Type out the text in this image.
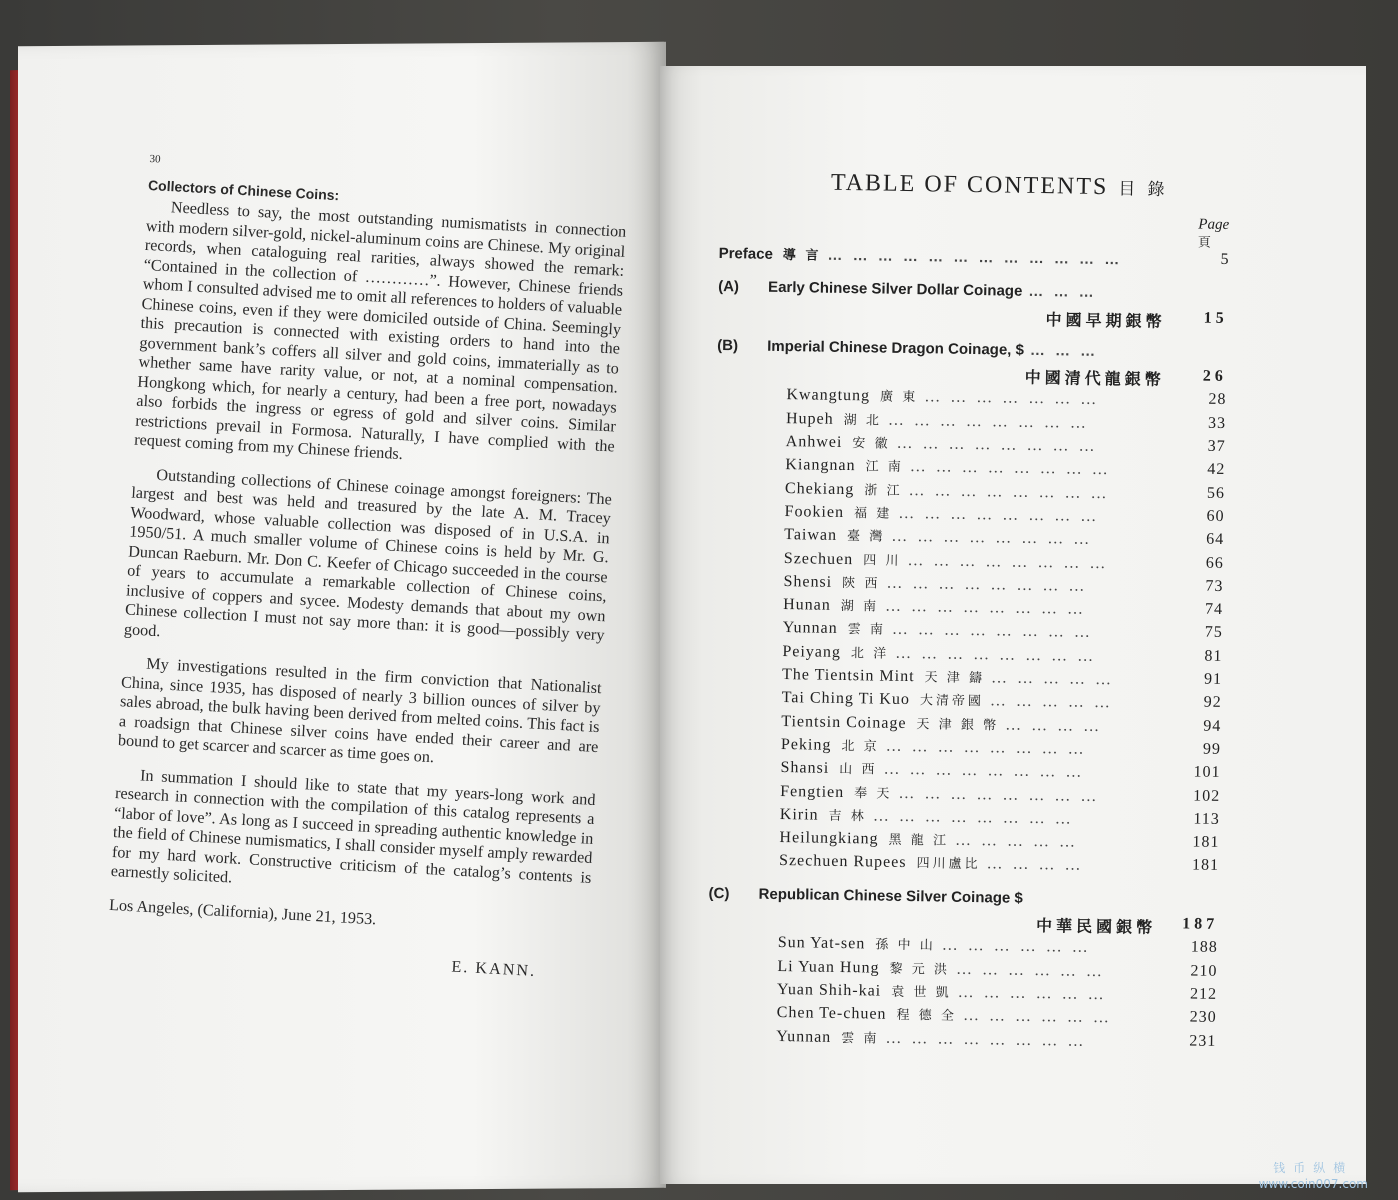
30
Collectors of Chinese Coins:

Needless to say, the most outstanding numismatists in connection with modern silver-gold, nickel-aluminum coins are Chinese. My original records, when cataloguing real rarities, always showed the remark: “Contained in the collection of …………”. However, Chinese friends whom I consulted advised me to omit all references to holders of valuable Chinese coins, even if they were domiciled outside of China. Seemingly this precaution is connected with existing orders to hand into the government bank’s coffers all silver and gold coins, immaterially as to whether same have rarity value, or not, at a nominal compensation. Hongkong which, for nearly a century, had been a free port, nowadays also forbids the ingress or egress of gold and silver coins. Similar restrictions prevail in Formosa. Naturally, I have complied with the request coming from my Chinese friends.

Outstanding collections of Chinese coinage amongst foreigners: The largest and best was held and treasured by the late A. M. Tracey Woodward, whose valuable collection was disposed of in U.S.A. in 1950/51. A much smaller volume of Chinese coins is held by Mr. G. Duncan Raeburn. Mr. Don C. Keefer of Chicago succeeded in the course of years to accumulate a remarkable collection of Chinese coins, inclusive of coppers and sycee. Modesty demands that about my own Chinese collection I must not say more than: it is good—possibly very good.

My investigations resulted in the firm conviction that Nationalist China, since 1935, has disposed of nearly 3 billion ounces of silver by sales abroad, the bulk having been derived from melted coins. This fact is a roadsign that Chinese silver coins have ended their career and are bound to get scarcer and scarcer as time goes on.

In summation I should like to state that my years-long work and research in connection with the compilation of this catalog represents a “labor of love”. As long as I succeed in spreading authentic knowledge in the field of Chinese numismatics, I shall consider myself amply rewarded for my hard work. Constructive criticism of the catalog’s contents is earnestly solicited.

Los Angeles, (California), June 21, 1953.
E. KANN.
TABLE OF CONTENTS 目 錄
Page
頁
Preface 導 言 … … … … … … … … … … … …	5
(A)	Early Chinese Silver Dollar Coinage … … …
中國早期銀幣	15
(B)	Imperial Chinese Dragon Coinage, $ … … …
中國清代龍銀幣	26
Kwangtung 廣 東 … … … … … … …	28
Hupeh 湖 北 … … … … … … … …	33
Anhwei 安 徽 … … … … … … … …	37
Kiangnan 江 南 … … … … … … … …	42
Chekiang 浙 江 … … … … … … … …	56
Fookien 福 建 … … … … … … … …	60
Taiwan 臺 灣 … … … … … … … …	64
Szechuen 四 川 … … … … … … … …	66
Shensi 陝 西 … … … … … … … …	73
Hunan 湖 南 … … … … … … … …	74
Yunnan 雲 南 … … … … … … … …	75
Peiyang 北 洋 … … … … … … … …	81
The Tientsin Mint 天 津 鑄 … … … … …	91
Tai Ching Ti Kuo 大清帝國 … … … … …	92
Tientsin Coinage 天 津 銀 幣 … … … …	94
Peking 北 京 … … … … … … … …	99
Shansi 山 西 … … … … … … … …	101
Fengtien 奉 天 … … … … … … … …	102
Kirin 吉 林 … … … … … … … …	113
Heilungkiang 黑 龍 江 … … … … …	181
Szechuen Rupees 四川盧比 … … … …	181
(C)	Republican Chinese Silver Coinage $
中華民國銀幣 187
Sun Yat-sen 孫 中 山 … … … … … …	188
Li Yuan Hung 黎 元 洪 … … … … … …	210
Yuan Shih-kai 袁 世 凱 … … … … … …	212
Chen Te-chuen 程 德 全 … … … … … …	230
Yunnan 雲 南 … … … … … … … …	231
钱币纵横
www.coin007.com
